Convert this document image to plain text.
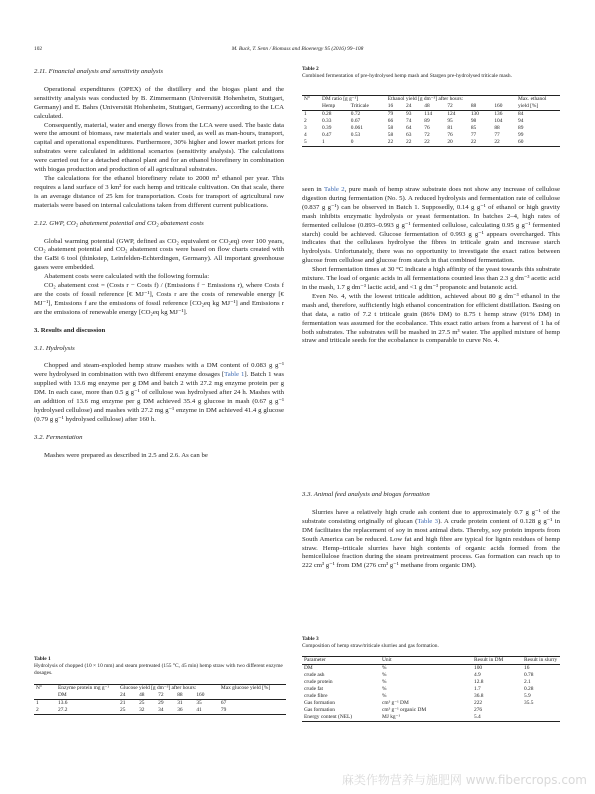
102	M. Buck, T. Senn / Biomass and Bioenergy 95 (2016) 99–108

2.11. Financial analysis and sensitivity analysis

Operational expenditures (OPEX) of the distillery and the biogas plant and the sensitivity analysis was conducted by B. Zimmermann (Universität Hohenheim, Stuttgart, Germany) and E. Bahrs (Universität Hohenheim, Stuttgart, Germany) according to the LCA calculated.

Consequently, material, water and energy flows from the LCA were used. The basic data were the amount of biomass, raw materials and water used, as well as man-hours, transport, capital and operational expenditures. Furthermore, 30% higher and lower market prices for substrates were calculated in additional scenarios (sensitivity analysis). The calculations were carried out for a detached ethanol plant and for an ethanol biorefinery in combination with biogas production and production of all agricultural substrates.

The calculations for the ethanol biorefinery relate to 2000 m³ ethanol per year. This requires a land surface of 3 km² for each hemp and triticale cultivation. On that scale, there is an average distance of 25 km for transportation. Costs for transport of agricultural raw materials were based on internal calculations taken from different current publications.

2.12. GWP, CO₂ abatement potential and CO₂ abatement costs

Global warming potential (GWP, defined as CO₂ equivalent or CO₂eq) over 100 years, CO₂ abatement potential and CO₂ abatement costs were based on flow charts created with the GaBi 6 tool (thinkstep, Leinfelden-Echterdingen, Germany). All important greenhouse gases were embedded.

Abatement costs were calculated with the following formula:

CO₂ abatement cost = (Costs r − Costs f) / (Emissions f − Emissions r), where Costs f are the costs of fossil reference [€ MJ⁻¹], Costs r are the costs of renewable energy [€ MJ⁻¹], Emissions f are the emissions of fossil reference [CO₂eq kg MJ⁻¹] and Emissions r are the emissions of renewable energy [CO₂eq kg MJ⁻¹].

3. Results and discussion

3.1. Hydrolysis

Chopped and steam-exploded hemp straw mashes with a DM content of 0.083 g g⁻¹ were hydrolysed in combination with two different enzyme dosages [Table 1]. Batch 1 was supplied with 13.6 mg enzyme per g DM and batch 2 with 27.2 mg enzyme protein per g DM. In each case, more than 0.5 g g⁻¹ of cellulose was hydrolysed after 24 h. Mashes with an addition of 13.6 mg enzyme per g DM achieved 35.4 g glucose in mash (0.67 g g⁻¹ hydrolysed cellulose) and mashes with 27.2 mg g⁻¹ enzyme in DM achieved 41.4 g glucose (0.79 g g⁻¹ hydrolysed cellulose) after 160 h.

3.2. Fermentation

Mashes were prepared as described in 2.5 and 2.6. As can be

Table 1
Hydrolysis of chopped (10 × 10 mm) and steam pretreated (155 °C, 45 min) hemp straw with two different enzyme dosages.
N°	Enzyme protein mg g⁻¹ DM	Glucose yield [g dm⁻³] after hours:					Max glucose yield [%]
		24	48	72	88	160	
1	13.6	21	25	29	31	35	67
2	27.2	25	32	34	36	41	79
Table 2
Combined fermentation of pre-hydrolysed hemp mash and Stargen pre-hydrolysed triticale mash.
N°	DM ratio [g g⁻¹]		Ethanol yield [g dm⁻³] after hours:						Max. ethanol yield [%]
	Hemp	Triticale	16	24	48	72	88	160	
1	0.28	0.72	79	93	114	124	130	136	84
2	0.33	0.67	66	74	89	95	98	104	94
3	0.39	0.061	58	64	76	81	85	88	89
4	0.47	0.53	58	63	72	76	77	77	99
5	1	0	22	22	22	20	22	22	60

seen in Table 2, pure mash of hemp straw substrate does not show any increase of cellulose digestion during fermentation (No. 5). A reduced hydrolysis and fermentation rate of cellulose (0.837 g g⁻¹) can be observed in Batch 1. Supposedly, 0.14 g g⁻¹ of ethanol or high gravity mash inhibits enzymatic hydrolysis or yeast fermentation. In batches 2–4, high rates of fermented cellulose (0.893–0.993 g g⁻¹ fermented cellulose, calculating 0.95 g g⁻¹ fermented starch) could be achieved. Glucose fermentation of 0.993 g g⁻¹ appears overcharged. This indicates that the cellulases hydrolyse the fibres in triticale grain and increase starch hydrolysis. Unfortunately, there was no opportunity to investigate the exact ratios between glucose from cellulose and glucose from starch in that combined fermentation.

Short fermentation times at 30 °C indicate a high affinity of the yeast towards this substrate mixture. The load of organic acids in all fermentations counted less than 2.3 g dm⁻³ acetic acid in the mash, 1.7 g dm⁻³ lactic acid, and <1 g dm⁻³ propanoic and butanoic acid.

Even No. 4, with the lowest triticale addition, achieved about 80 g dm⁻³ ethanol in the mash and, therefore, sufficiently high ethanol concentration for efficient distillation. Basing on that data, a ratio of 7.2 t triticale grain (86% DM) to 8.75 t hemp straw (91% DM) in fermentation was assumed for the ecobalance. This exact ratio arises from a harvest of 1 ha of both substrates. The substrates will be mashed in 27.5 m³ water. The applied mixture of hemp straw and triticale seeds for the ecobalance is comparable to curve No. 4.

3.3. Animal feed analysis and biogas formation

Slurries have a relatively high crude ash content due to approximately 0.7 g g⁻¹ of the substrate consisting originally of glucan (Table 3). A crude protein content of 0.128 g g⁻¹ in DM facilitates the replacement of soy in most animal diets. Thereby, soy protein imports from South America can be reduced. Low fat and high fibre are typical for lignin residues of hemp straw. Hemp–triticale slurries have high contents of organic acids formed from the hemicellulose fraction during the steam pretreatment process. Gas formation can reach up to 222 cm³ g⁻¹ from DM (276 cm³ g⁻¹ methane from organic DM).

Table 3
Composition of hemp straw/triticale slurries and gas formation.
Parameter	Unit	Result in DM	Result in slurry
DM	%	100	16
crude ash	%	4.9	0.78
crude protein	%	12.8	2.1
crude fat	%	1.7	0.28
crude fibre	%	36.8	5.9
Gas formation	cm³ g⁻¹ DM	222	35.5
Gas formation	cm³ g⁻¹ organic DM	276	
Energy content (NEL)	MJ kg⁻¹	5.4	
麻类作物营养与施肥网 www.fibercrops.com
